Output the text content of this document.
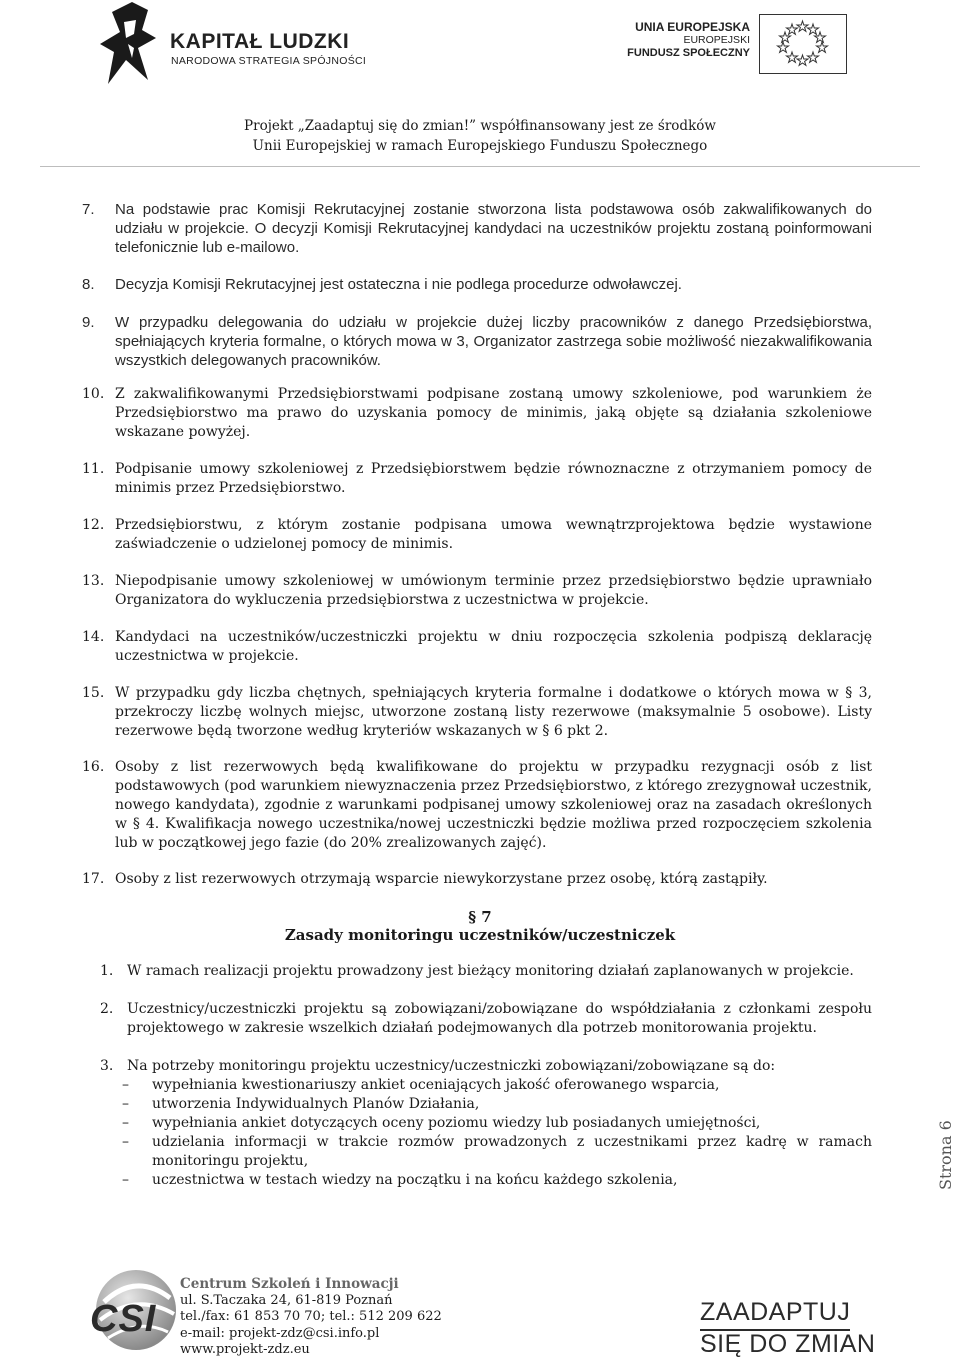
KAPITAŁ LUDZKI
NARODOWA STRATEGIA SPÓJNOŚCI
UNIA EUROPEJSKA
EUROPEJSKI
FUNDUSZ SPOŁECZNY
Projekt „Zaadaptuj się do zmian!” współfinansowany jest ze środków
Unii Europejskiej w ramach Europejskiego Funduszu Społecznego
7.	Na podstawie prac Komisji Rekrutacyjnej zostanie stworzona lista podstawowa osób zakwalifikowanych do udziału w projekcie. O decyzji Komisji Rekrutacyjnej kandydaci na uczestników projektu zostaną poinformowani telefonicznie lub e-mailowo.
8.	Decyzja Komisji Rekrutacyjnej jest ostateczna i nie podlega procedurze odwoławczej.
9.	W przypadku delegowania do udziału w projekcie dużej liczby pracowników z danego Przedsiębiorstwa, spełniających kryteria formalne, o których mowa w 3, Organizator zastrzega sobie możliwość niezakwalifikowania wszystkich delegowanych pracowników.
10. Z zakwalifikowanymi Przedsiębiorstwami podpisane zostaną umowy szkoleniowe, pod warunkiem że Przedsiębiorstwo ma prawo do uzyskania pomocy de minimis, jaką objęte są działania szkoleniowe wskazane powyżej.
11. Podpisanie umowy szkoleniowej z Przedsiębiorstwem będzie równoznaczne z otrzymaniem pomocy de minimis przez Przedsiębiorstwo.
12. Przedsiębiorstwu, z którym zostanie podpisana umowa wewnątrzprojektowa będzie wystawione zaświadczenie o udzielonej pomocy de minimis.
13. Niepodpisanie umowy szkoleniowej w umówionym terminie przez przedsiębiorstwo będzie uprawniało Organizatora do wykluczenia przedsiębiorstwa z uczestnictwa w projekcie.
14. Kandydaci na uczestników/uczestniczki projektu w dniu rozpoczęcia szkolenia podpiszą deklarację uczestnictwa w projekcie.
15. W przypadku gdy liczba chętnych, spełniających kryteria formalne i dodatkowe o których mowa w § 3, przekroczy liczbę wolnych miejsc, utworzone zostaną listy rezerwowe (maksymalnie 5 osobowe). Listy rezerwowe będą tworzone według kryteriów wskazanych w § 6 pkt 2.
16. Osoby z list rezerwowych będą kwalifikowane do projektu w przypadku rezygnacji osób z list podstawowych (pod warunkiem niewyznaczenia przez Przedsiębiorstwo, z którego zrezygnował uczestnik, nowego kandydata), zgodnie z warunkami podpisanej umowy szkoleniowej oraz na zasadach określonych w § 4. Kwalifikacja nowego uczestnika/nowej uczestniczki będzie możliwa przed rozpoczęciem szkolenia lub w początkowej jego fazie (do 20% zrealizowanych zajęć).
17. Osoby z list rezerwowych otrzymają wsparcie niewykorzystane przez osobę, którą zastąpiły.
§ 7
Zasady monitoringu uczestników/uczestniczek
1. W ramach realizacji projektu prowadzony jest bieżący monitoring działań zaplanowanych w projekcie.
2. Uczestnicy/uczestniczki projektu są zobowiązani/zobowiązane do współdziałania z członkami zespołu projektowego w zakresie wszelkich działań podejmowanych dla potrzeb monitorowania projektu.
3. Na potrzeby monitoringu projektu uczestnicy/uczestniczki zobowiązani/zobowiązane są do:
– wypełniania kwestionariuszy ankiet oceniających jakość oferowanego wsparcia,
– utworzenia Indywidualnych Planów Działania,
– wypełniania ankiet dotyczących oceny poziomu wiedzy lub posiadanych umiejętności,
– udzielania informacji w trakcie rozmów prowadzonych z uczestnikami przez kadrę w ramach monitoringu projektu,
– uczestnictwa w testach wiedzy na początku i na końcu każdego szkolenia,	Strona 6
CSI
Centrum Szkoleń i Innowacji
ul. S.Taczaka 24, 61-819 Poznań
tel./fax: 61 853 70 70; tel.: 512 209 622
e-mail: projekt-zdz@csi.info.pl
www.projekt-zdz.eu
ZAADAPTUJ
SIĘ DO ZMIAN
